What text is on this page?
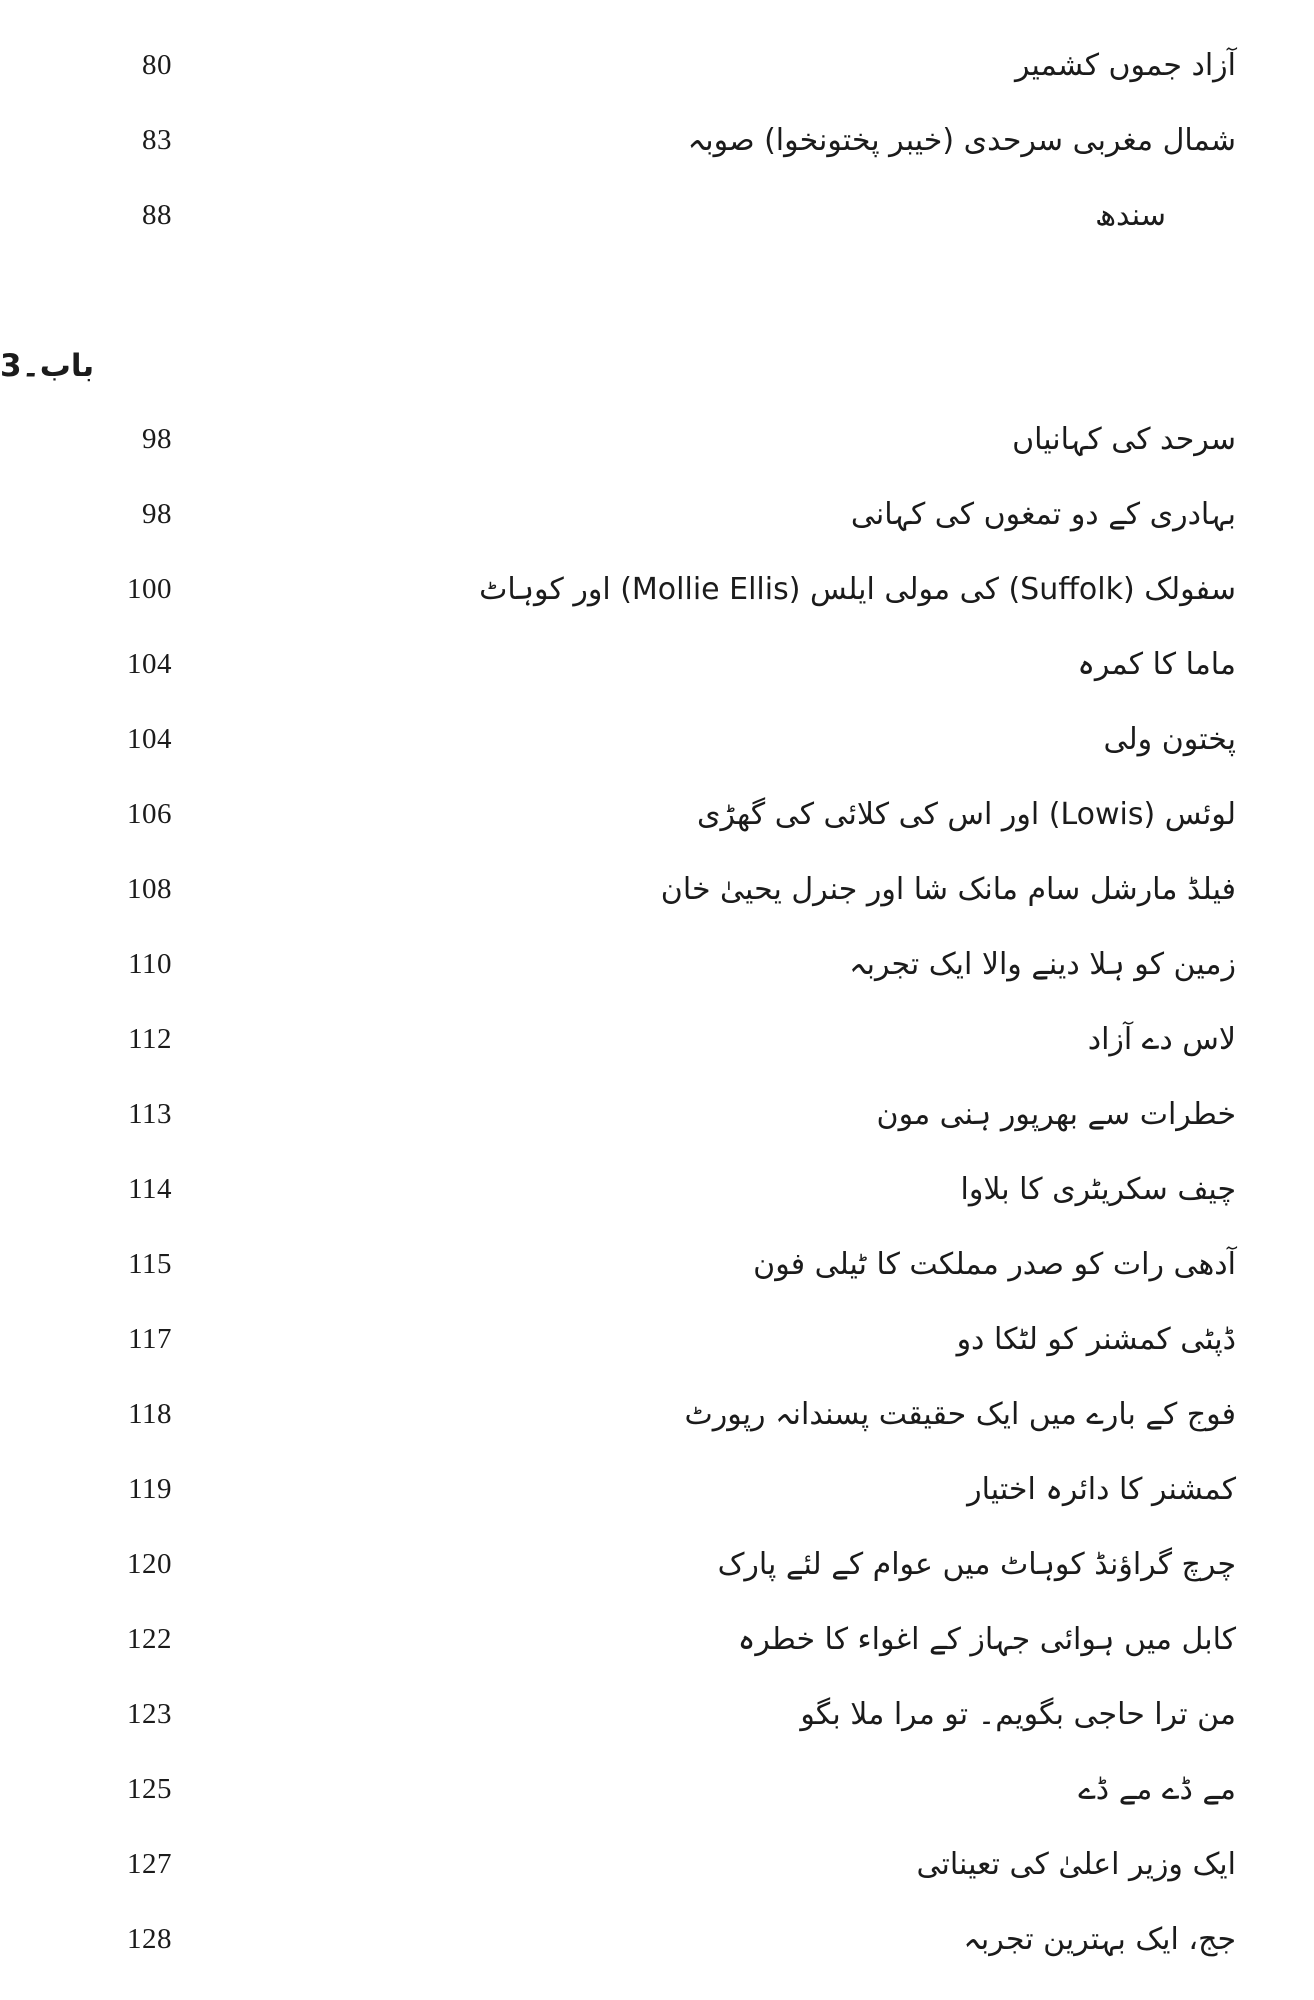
80	آزاد جموں کشمیر
83	شمال مغربی سرحدی (خیبر پختونخوا) صوبہ
88	سندھ
باب۔3
98	سرحد کی کہانیاں
98	بہادری کے دو تمغوں کی کہانی
100	سفولک (Suffolk) کی مولی ایلس (Mollie Ellis) اور کوہاٹ
104	ماما کا کمرہ
104	پختون ولی
106	لوئس (Lowis) اور اس کی کلائی کی گھڑی
108	فیلڈ مارشل سام مانک شا اور جنرل یحییٰ خان
110	زمین کو ہلا دینے والا ایک تجربہ
112	لاس دے آزاد
113	خطرات سے بھرپور ہنی مون
114	چیف سکریٹری کا بلاوا
115	آدھی رات کو صدر مملکت کا ٹیلی فون
117	ڈپٹی کمشنر کو لٹکا دو
118	فوج کے بارے میں ایک حقیقت پسندانہ رپورٹ
119	کمشنر کا دائرہ اختیار
120	چرچ گراؤنڈ کوہاٹ میں عوام کے لئے پارک
122	کابل میں ہوائی جہاز کے اغواء کا خطرہ
123	من ترا حاجی بگویم۔ تو مرا ملا بگو
125	مے ڈے مے ڈے
127	ایک وزیر اعلیٰ کی تعیناتی
128	جج، ایک بہترین تجربہ
